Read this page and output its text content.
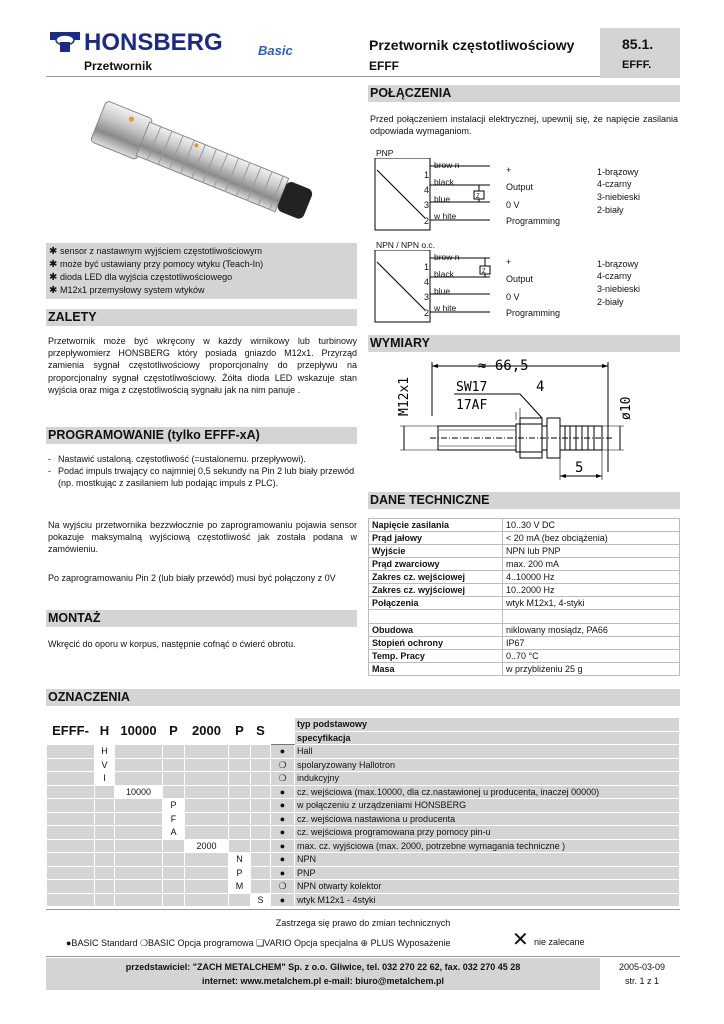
HONSBERG	Basic
Przetwornik
Przetwornik częstotliwościowy
EFFF
85.1.
EFFF.
✱ sensor z nastawnym wyjściem częstotliwościowym
✱ może być ustawiany przy pomocy wtyku (Teach-In)
✱ dioda LED dla wyjścia częstotliwościowego
✱ M12x1 przemysłowy system wtyków
ZALETY
Przetwornik może być wkręcony w każdy wirnikowy lub turbinowy przepływomierz HONSBERG który posiada gniazdo M12x1. Przyrząd zamienia sygnał częstotliwościowy proporcjonalny do przepływu na proporcjonalny sygnał częstotliwościowy. Żółta dioda LED wskazuje stan wyjścia oraz miga z częstotliwością sygnału jak na nim panuje .
PROGRAMOWANIE (tylko EFFF-xA)
- Nastawić ustaloną. częstotliwość (=ustalonemu. przepływowi).
- Podać impuls trwający co najmniej 0,5 sekundy na Pin 2 lub biały przewód (np. mostkując z zasilaniem lub podając impuls z PLC).
Na wyjściu przetwornika bezzwłocznie po zaprogramowaniu pojawia sensor pokazuje maksymalną wyjściową częstotliwość jak została podana w zamówieniu.
Po zaprogramowaniu Pin 2 (lub biały przewód) musi być połączony z 0V
MONTAŻ
Wkręcić do oporu w korpus, następnie cofnąć o ćwierć obrotu.
POŁĄCZENIA
Przed połączeniem instalacji elektrycznej, upewnij się, że napięcie zasilania odpowiada wymaganiom.
PNP
Z
1
4
3
2
brow n
black
blue
w hite
+
Output
0 V
Programming
1-brązowy
4-czarny
3-niebieski
2-biały
NPN / NPN o.c.
Z
1
4
3
2
brow n
black
blue
w hite
+
Output
0 V
Programming
1-brązowy
4-czarny
3-niebieski
2-biały
WYMIARY
≈ 66,5
SW17
17AF
4
5
M12x1	ø10
DANE TECHNICZNE
Napięcie zasilania	10..30 V DC
Prąd jałowy	< 20 mA (bez obciążenia)
Wyjście	NPN lub PNP
Prąd zwarciowy	max. 200 mA
Zakres cz. wejściowej	4..10000 Hz
Zakres cz. wyjściowej	10..2000 Hz
Połączenia	wtyk M12x1, 4-styki

Obudowa	niklowany mosiądz, PA66
Stopień ochrony	IP67
Temp. Pracy	0..70 °C
Masa	w przybliżeniu 25 g
OZNACZENIA
EFFF-	H	10000	P	2000	P	S		typ podstawowy
								specyfikacja
	H						●	Hall
	V						❍	spolaryzowany Hallotron
	I						❍	indukcyjny
		10000					●	cz. wejściowa (max.10000, dla cz.nastawionej u producenta, inaczej 00000)
			P				●	w połączeniu z urządzeniami HONSBERG
			F				●	cz. wejściowa nastawiona u producenta
			A				●	cz. wejściowa programowana przy pomocy pin-u
				2000			●	max. cz. wyjściowa (max. 2000, potrzebne wymagania techniczne )
					N		●	NPN
					P		●	PNP
					M		❍	NPN otwarty kolektor
						S	●	wtyk M12x1 - 4styki
Zastrzega się prawo do zmian technicznych
●BASIC Standard ❍BASIC Opcja programowa ❑VARIO Opcja specjalna ⊕ PLUS Wyposażenie	✕ nie zalecane
przedstawiciel: "ZACH METALCHEM" Sp. z o.o. Gliwice, tel. 032 270 22 62, fax. 032 270 45 28
internet: www.metalchem.pl e-mail: biuro@metalchem.pl
2005-03-09
str. 1 z 1
